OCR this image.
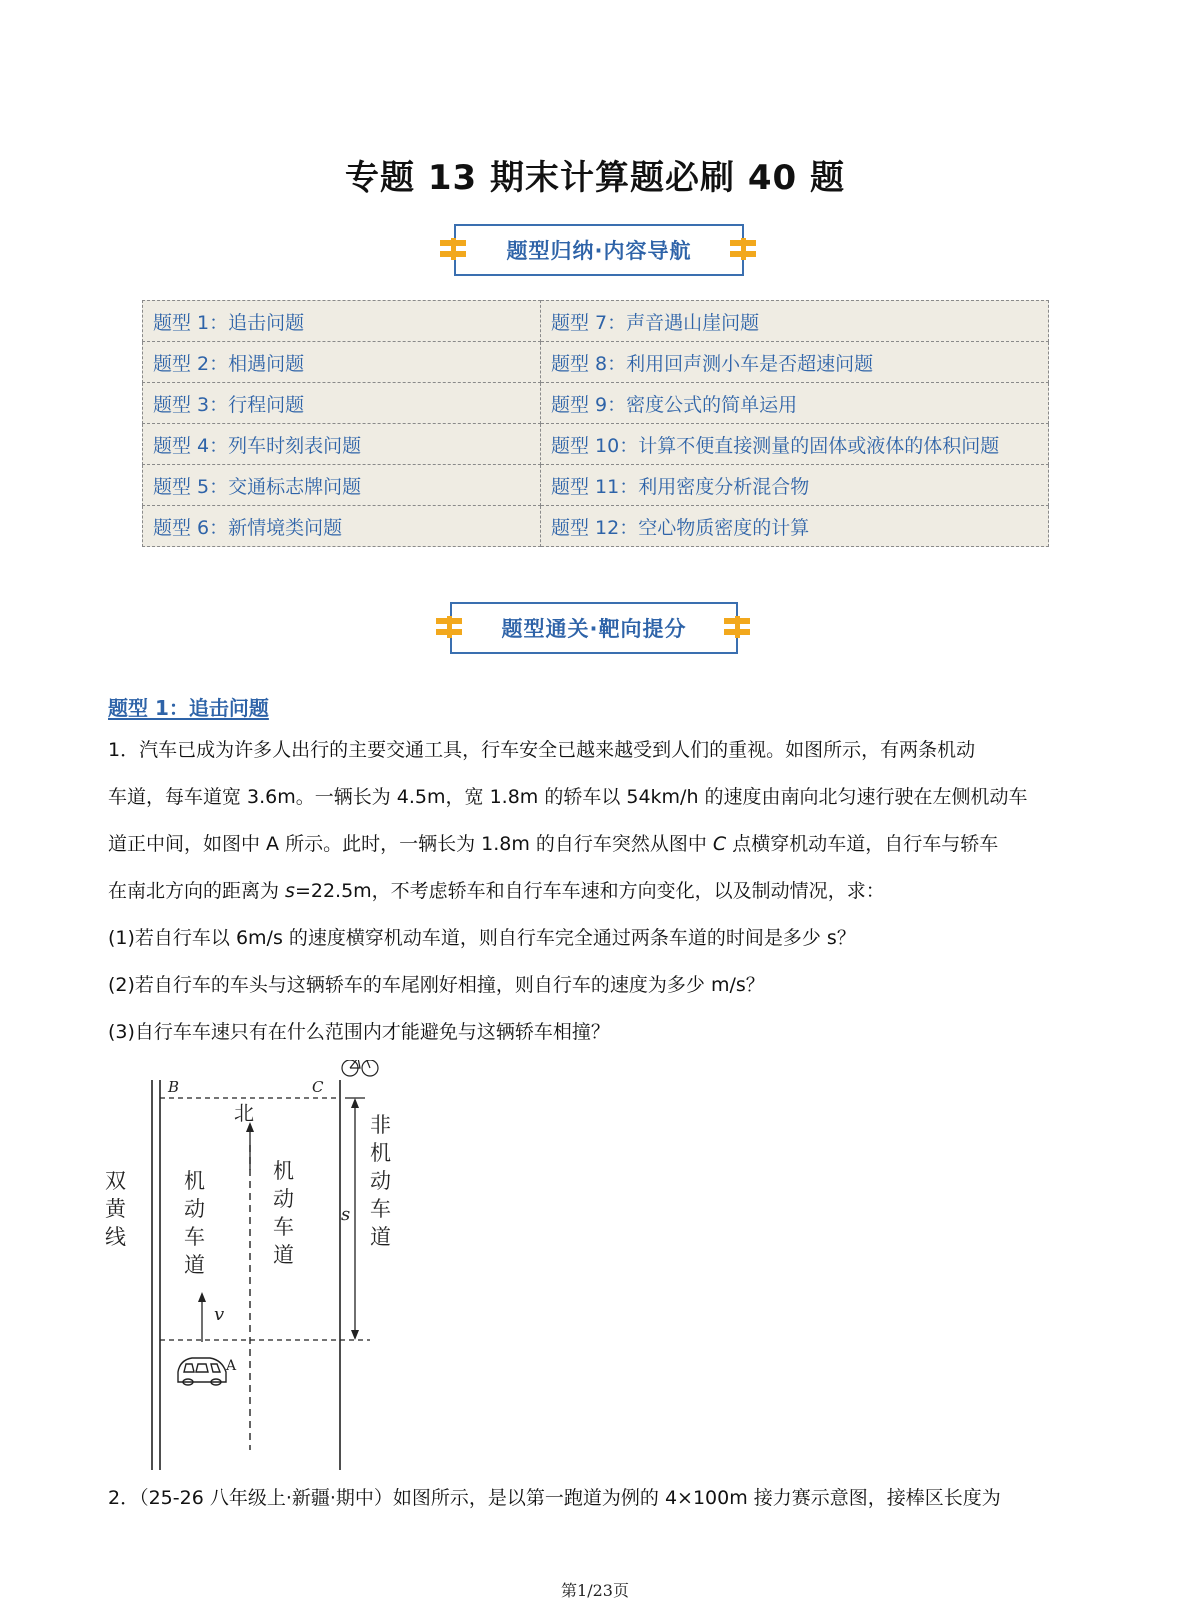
专题 13 期末计算题必刷 40 题
题型归纳·内容导航
题型 1：追击问题	题型 7：声音遇山崖问题
题型 2：相遇问题	题型 8：利用回声测小车是否超速问题
题型 3：行程问题	题型 9：密度公式的简单运用
题型 4：列车时刻表问题	题型 10：计算不便直接测量的固体或液体的体积问题
题型 5：交通标志牌问题	题型 11：利用密度分析混合物
题型 6：新情境类问题	题型 12：空心物质密度的计算
题型通关·靶向提分
题型 1：追击问题
1．汽车已成为许多人出行的主要交通工具，行车安全已越来越受到人们的重视。如图所示，有两条机动
车道，每车道宽 3.6m。一辆长为 4.5m，宽 1.8m 的轿车以 54km/h 的速度由南向北匀速行驶在左侧机动车
道正中间，如图中 A 所示。此时，一辆长为 1.8m 的自行车突然从图中 C 点横穿机动车道，自行车与轿车
在南北方向的距离为 s=22.5m，不考虑轿车和自行车车速和方向变化，以及制动情况，求：
(1)若自行车以 6m/s 的速度横穿机动车道，则自行车完全通过两条车道的时间是多少 s？
(2)若自行车的车头与这辆轿车的车尾刚好相撞，则自行车的速度为多少 m/s？
(3)自行车车速只有在什么范围内才能避免与这辆轿车相撞？
B	C
A
北
s
v
双
黄
线
机
动
车
道
机
动
车
道
非
机
动
车
道
2．（25-26 八年级上·新疆·期中）如图所示，是以第一跑道为例的 4×100m 接力赛示意图，接棒区长度为
第1/23页
